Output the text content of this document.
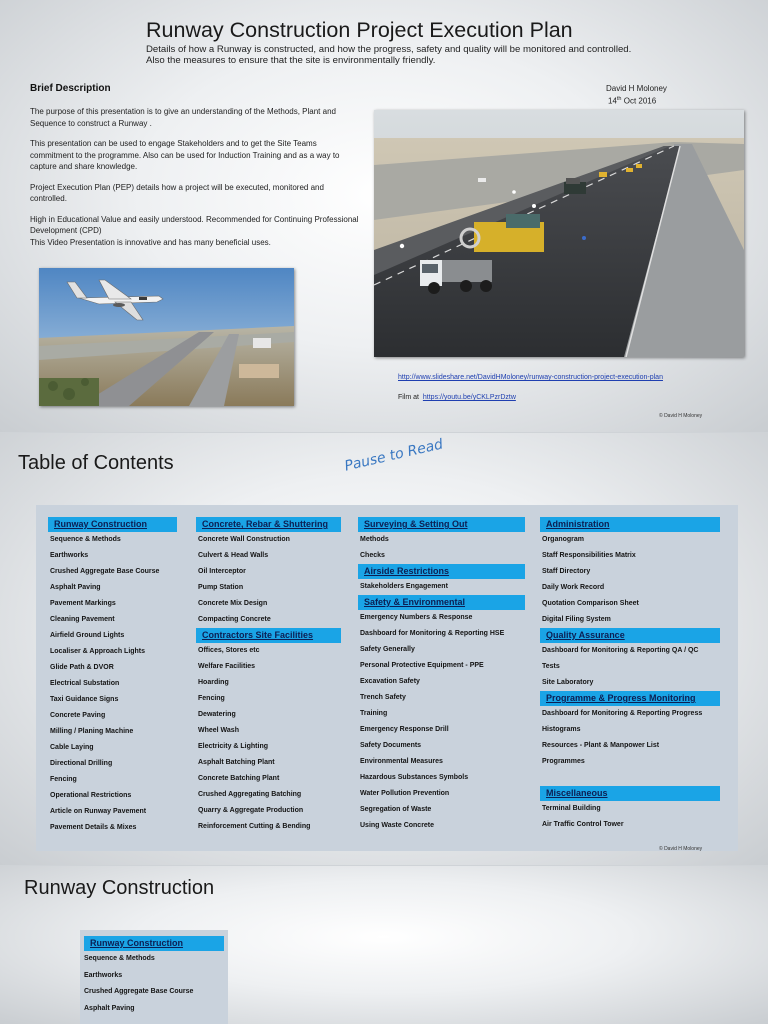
Runway Construction Project Execution Plan
Details of how a Runway is constructed, and how the progress, safety and quality will be monitored and controlled.
Also the measures to ensure that the site is environmentally friendly.
Brief Description

The purpose of this presentation is to give an understanding of the Methods, Plant and Sequence to construct a Runway .

This presentation can be used to engage Stakeholders and to get the Site Teams commitment to the programme. Also can be used for Induction Training and as a way to capture and share knowledge.

Project Execution Plan (PEP) details how a project will be executed, monitored and controlled.

High in Educational Value and easily understood. Recommended for Continuing Professional Development (CPD)

This Video Presentation is innovative and has many beneficial uses.

David H Moloney
14th Oct 2016
http://www.slideshare.net/DavidHMoloney/runway-construction-project-execution-plan
Film at https://youtu.be/yCKLPzrDztw
© David H Moloney
Table of Contents	Pause to Read
Runway Construction
Sequence & Methods
Earthworks
Crushed Aggregate Base Course
Asphalt Paving
Pavement Markings
Cleaning Pavement
Airfield Ground Lights
Localiser & Approach Lights
Glide Path & DVOR
Electrical Substation
Taxi Guidance Signs
Concrete Paving
Milling / Planing Machine
Cable Laying
Directional Drilling
Fencing
Operational Restrictions
Article on Runway Pavement
Pavement Details & Mixes
Concrete, Rebar & Shuttering
Concrete Wall Construction
Culvert & Head Walls
Oil Interceptor
Pump Station
Concrete Mix Design
Compacting Concrete
Contractors Site Facilities
Offices, Stores etc
Welfare Facilities
Hoarding
Fencing
Dewatering
Wheel Wash
Electricity & Lighting
Asphalt Batching Plant
Concrete Batching Plant
Crushed Aggregating Batching
Quarry & Aggregate Production
Reinforcement Cutting & Bending
Surveying & Setting Out
Methods
Checks
Airside Restrictions
Stakeholders Engagement
Safety & Environmental
Emergency Numbers & Response
Dashboard for Monitoring & Reporting HSE
Safety Generally
Personal Protective Equipment - PPE
Excavation Safety
Trench Safety
Training
Emergency Response Drill
Safety Documents
Environmental Measures
Hazardous Substances Symbols
Water Pollution Prevention
Segregation of Waste
Using Waste Concrete
Administration
Organogram
Staff Responsibilities Matrix
Staff Directory
Daily Work Record
Quotation Comparison Sheet
Digital Filing System
Quality Assurance
Dashboard for Monitoring & Reporting QA / QC
Tests
Site Laboratory
Programme & Progress Monitoring
Dashboard for Monitoring & Reporting Progress
Histograms
Resources - Plant & Manpower List
Programmes
Miscellaneous
Terminal Building
Air Traffic Control Tower
© David H Moloney
Runway Construction
Runway Construction
Sequence & Methods
Earthworks
Crushed Aggregate Base Course
Asphalt Paving
